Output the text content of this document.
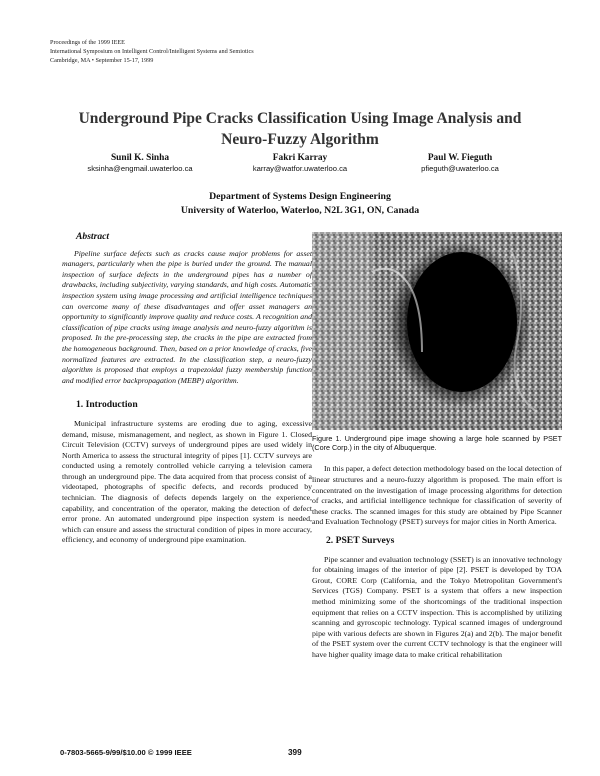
Proceedings of the 1999 IEEE
International Symposium on Intelligent Control/Intelligent Systems and Semiotics
Cambridge, MA • September 15-17, 1999
Underground Pipe Cracks Classification Using Image Analysis and
Neuro-Fuzzy Algorithm
Sunil K. Sinha
sksinha@engmail.uwaterloo.ca
Fakri Karray
karray@watfor.uwaterloo.ca
Paul W. Fieguth
pfieguth@uwaterloo.ca
Department of Systems Design Engineering
University of Waterloo, Waterloo, N2L 3G1, ON, Canada
Abstract

Pipeline surface defects such as cracks cause major problems for asset managers, particularly when the pipe is buried under the ground. The manual inspection of surface defects in the underground pipes has a number of drawbacks, including subjectivity, varying standards, and high costs. Automatic inspection system using image processing and artificial intelligence techniques can overcome many of these disadvantages and offer asset managers an opportunity to significantly improve quality and reduce costs. A recognition and classification of pipe cracks using image analysis and neuro-fuzzy algorithm is proposed. In the pre-processing step, the cracks in the pipe are extracted from the homogeneous background. Then, based on a prior knowledge of cracks, five normalized features are extracted. In the classification step, a neuro-fuzzy algorithm is proposed that employs a trapezoidal fuzzy membership function and modified error backpropagation (MEBP) algorithm.

1. Introduction

Municipal infrastructure systems are eroding due to aging, excessive demand, misuse, mismanagement, and neglect, as shown in Figure 1. Closed Circuit Television (CCTV) surveys of underground pipes are used widely in North America to assess the structural integrity of pipes [1]. CCTV surveys are conducted using a remotely controlled vehicle carrying a television camera through an underground pipe. The data acquired from that process consist of a videotaped, photographs of specific defects, and records produced by technician. The diagnosis of defects depends largely on the experience, capability, and concentration of the operator, making the detection of defect error prone. An automated underground pipe inspection system is needed, which can ensure and assess the structural condition of pipes in more accuracy, efficiency, and economy of underground pipe examination.

Figure 1. Underground pipe image showing a large hole scanned by PSET (Core Corp.) in the city of Albuquerque.

In this paper, a defect detection methodology based on the local detection of linear structures and a neuro-fuzzy algorithm is proposed. The main effort is concentrated on the investigation of image processing algorithms for detection of cracks, and artificial intelligence technique for classification of severity of these cracks. The scanned images for this study are obtained by Pipe Scanner and Evaluation Technology (PSET) surveys for major cities in North America.

2. PSET Surveys

Pipe scanner and evaluation technology (SSET) is an innovative technology for obtaining images of the interior of pipe [2]. PSET is developed by TOA Grout, CORE Corp (California, and the Tokyo Metropolitan Government's Services (TGS) Company. PSET is a system that offers a new inspection method minimizing some of the shortcomings of the traditional inspection equipment that relies on a CCTV inspection. This is accomplished by utilizing scanning and gyroscopic technology. Typical scanned images of underground pipe with various defects are shown in Figures 2(a) and 2(b). The major benefit of the PSET system over the current CCTV technology is that the engineer will have higher quality image data to make critical rehabilitation

0-7803-5665-9/99/$10.00 © 1999 IEEE	399
